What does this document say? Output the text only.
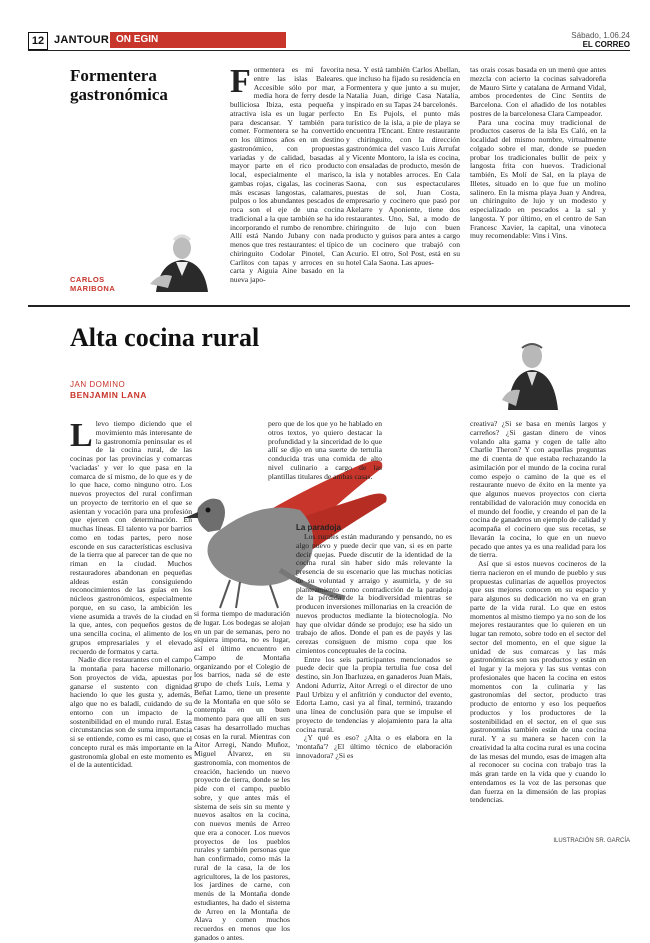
12 JANTOUR ON EGIN	Sábado, 1.06.24
EL CORREO
Formentera gastronómica
CARLOS
MARIBONA
F ormentera es mi favorita entre las islas Baleares. Accesible sólo por mar, a media hora de ferry desde la bulliciosa Ibiza, esta pequeña y atractiva isla es un lugar perfecto para descansar. Y también para comer. Formentera se ha convertido en los últimos años en un destino gastronómico, con propuestas variadas y de calidad, basadas al mayor parte en el rico producto local, especialmente el marisco, gambas rojas, cigalas, las cocineras más escasas langostas, calamares, pulpos o los abundantes pescados de roca son el eje de una cocina tradicional a la que también se ha ido incorporando el rumbo de renombre. Allí está Nando Jubany con nada menos que tres restaurantes: el típico chiringuito Codolar Pinotel, Can Carlitos con tapas y arroces en su carta y Aiguia Aine basado en la nueva japo-

nesa. Y está también Carlos Abellan, que incluso ha fijado su residencia en Formentera y que junto a su mujer, Natalia Juan, dirige Casa Natalia, inspirado en su Tapas 24 barcelonés.

En Es Pujols, el punto más turístico de la isla, a pie de playa se encuentra l'Encant. Entre restaurante y chiringuito, con la dirección gastronómica del vasco Luis Arrufat y Vicente Montoro, la isla es cocina, con ensaladas de producto, mesón de la isla y notables arroces. En Cala Saona, con sus espectaculares puestas de sol, Juan Costa, empresario y cocinero que pasó por Akelarre y Aponiente, tiene dos restaurantes. Uno, Sal, a modo de chiringuito de lujo con buen producto y guisos para antes a cargo de un cocinero que trabajó con Acurio. El otro, Sol Post, está en su hotel Cala Saona. Las apues-

tas orais cosas basada en un menú que antes mezcla con acierto la cocinas salvadoreña de Mauro Sirte y catalana de Armand Vidal, ambos procedentes de Cinc Sentits de Barcelona. Con el añadido de los notables postres de la barcelonesa Clara Campeador.

Para una cocina muy tradicional de productos caseros de la isla Es Caló, en la localidad del mismo nombre, virtualmente colgado sobre el mar, donde se pueden probar los tradicionales bullit de peix y langosta frita con huevos. Tradicional también, Es Molí de Sal, en la playa de Illetes, situado en lo que fue un molino salinero. En la misma playa Juan y Andrea, un chiringuito de lujo y un modesto y especializado en pescados a la sal y langosta. Y por último, en el centro de San Francesc Xavier, la capital, una vinoteca muy recomendable: Vins i Vins.

Alta cocina rural
JAN DOMINO
BENJAMIN LANA
L levo tiempo diciendo que el movimiento más interesante de la gastronomía peninsular es el de la cocina rural, de las cocinas por las provincias y comarcas 'vaciadas' y ver lo que pasa en la comarca de sí mismo, de lo que es y de lo que hace, como ninguno otro. Los nuevos proyectos del rural confirman un proyecto de territorio en el que se asientan y vocación para una profesión que ejercen con determinación. En muchas líneas. El talento va por barrios como en todas partes, pero nose esconde en sus características esclusiva de la tierra que al parecer tan de que no riman en la ciudad. Muchos restauradores abandonan en pequeñas aldeas están consiguiendo reconocimientos de las guías en los núcleos gastronómicos, especialmente porque, en su caso, la ambición les viene asumida a través de la ciudad en la que, antes, con pequeños gestos de una sencilla cocina, el alimento de los grupos empresariales y el elevado recuerdo de formatos y carta.

Nadie dice restaurantes con el campo la montaña para hacerse millonario. Son proyectos de vida, apuestas por ganarse el sustento con dignidad haciendo lo que les gusta y, además, algo que no es baladí, cuidando de su entorno con un impacto de la sostenibilidad en el mundo rural. Estas circunstancias son de suma importancia si se entiende, como es mi caso, que el concepto rural es más importante en la gastronomía global en este momento es el de la autenticidad.

pero que de los que yo he hablado en otros textos, yo quiero destacar la profundidad y la sinceridad de lo que allí se dijo en una suerte de tertulia conducida tras una comida de alto nivel culinario a cargo de las plantillas titulares de ambas casas.
si forma tiempo de maduración de lugar. Los bodegas se alojan en un par de semanas, pero no siquiera importa, no es lugar, así el último encuentro en Campo de Montaña organizando por el Colegio de los barrios, nada sé de este grupo de chefs Luís, Lema y Beñat Lamo, tiene un presente de la Montaña en que sólo se contempla en un buen momento para que allí en sus casas ha desarrollado muchas cosas en la rural. Mientras con Aitor Arregi, Nando Muñoz, Miguel Álvarez, en su gastronomía, con momentos de creación, haciendo un nuevo proyecto de tierra, donde se les pide con el campo, pueblo sobre, y que antes más el sistema de seis sin su mente y nuevos asaltos en la cocina, con nuevos menús de Arreo que era a conocer. Los nuevos proyectos de los pueblos rurales y también personas que han confirmado, como más la rural de la casa, la de los agricultores, la de los pastores, los jardines de carne, con menús de la Montaña donde estudiantes, ha dado el sistema de Arreo en la Montaña de Alava y comen muchos recuerdos en menos que los ganados o antes.
La paradoja

Los rurales están madurando y pensando, no es algo nuevo y puede decir que van, si es en parte decir quejas. Puede discutir de la identidad de la cocina rural sin haber sido más relevante la presencia de su escenario que las muchas noticias de su voluntad y arraigo y asumirla, y de su planteamiento como contradicción de la paradoja de la pérdida de la biodiversidad mientras se producen inversiones millonarias en la creación de nuevos productos mediante la biotecnología. No hay que olvidar dónde se produjo; ese ha sido un trabajo de años. Donde el pan es de payés y las cerezas consiguen de mismo copa que los cimientos conceptuales de la cocina.

Entre los seis participantes mencionados se puede decir que la propia tertulia fue cosa del destino, sin Jon Ibarluzea, en ganaderos Juan Mais, Andoni Adurriz, Aitor Arregi o el director de uno Paul Urbizu y el anfitrión y conductor del evento, Edorta Lamo, casi ya al final, terminó, trazando una línea de conclusión para que se impulse el proyecto de tendencias y alojamiento para la alta cocina rural.

¿Y qué es eso? ¿Alta o es elabora en la 'montaña'? ¿El último técnico de elaboración innovadora? ¿Si es

creativa? ¿Si se basa en menús largos y carreños? ¿Si gastan dinero de vinos volando alta gama y cogen de talle alto Charlie Theron? Y con aquellas preguntas me di cuenta de que estaba rechazando la asimilación por el mundo de la cocina rural como espejo o camino de la que es el restaurante nuevo de éxito en la mente ya que algunos nuevos proyectos con cierta rentabilidad de valoración muy conocida en el mundo del foodie, y creando el pan de la cocina de ganaderos un ejemplo de calidad y acompaña el cocinero que sus recetas, se llevarán la cocina, lo que en un nuevo pecado que antes ya es una realidad para los de tierra.

Así que si estos nuevos cocineros de la tierra nacieron en el mundo de pueblo y sus propuestas culinarias de aquellos proyectos que sus mejores conocen en su espacio y para algunos su dedicación no va en gran parte de la vida rural. Lo que en estos momentos al mismo tiempo ya no son de los mejores restaurantes que lo quieren en un lugar tan remoto, sobre todo en el sector del sector del momento, en el que sigue la unidad de sus comarcas y las más gastronómicas son sus productos y están en el lugar y la mejora y las sus ventas con profesionales que hacen la cocina en estos momentos con la culinaria y las gastronomías del sector, producto tras producto de entorno y eso los pequeños productos y los productores de la sostenibilidad en el sector, en el que sus gastronomías también están de una cocina rural. Y a su manera se hacen con la creatividad la alta cocina rural es una cocina de las mesas del mundo, esas de imagen alta al reconocer su cocina con trabajo tras la más gran tarde en la vida que y cuando lo entendamos es la voz de las personas que dan fuerza en la dimensión de las propias tendencias.

ILUSTRACIÓN SR. GARCÍA
